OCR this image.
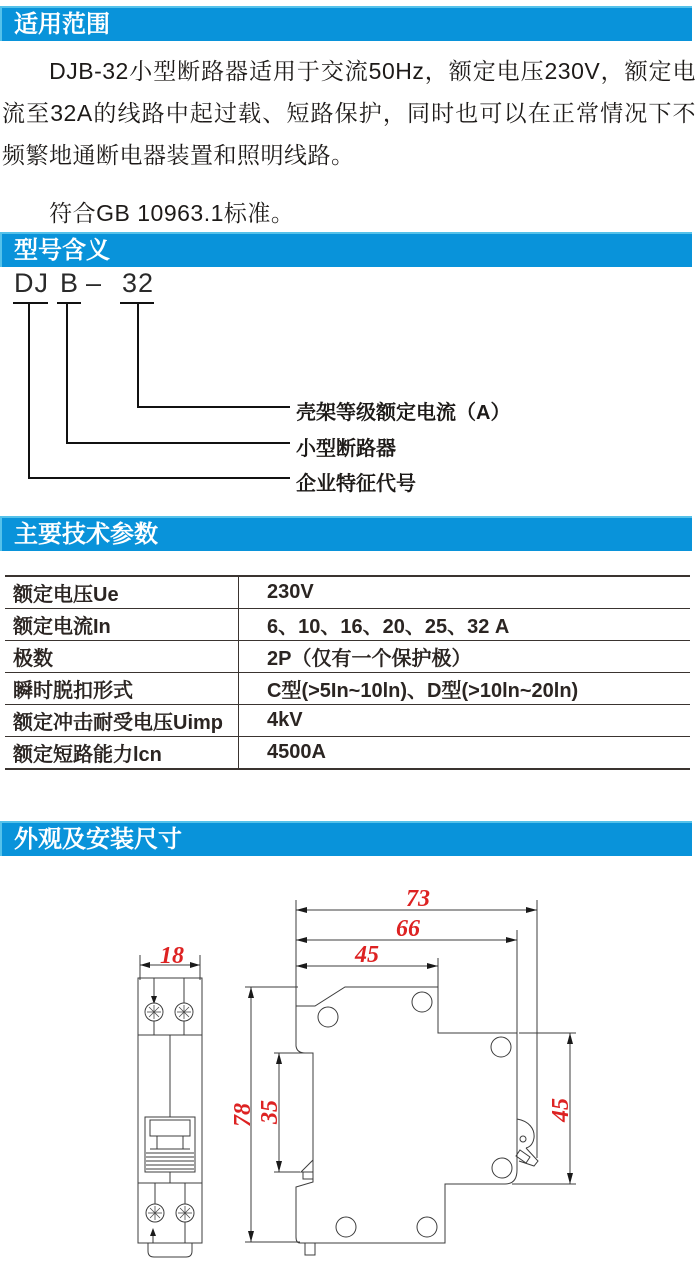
适用范围
DJB-32小型断路器适用于交流50Hz，额定电压230V，额定电流至32A的线路中起过载、短路保护，同时也可以在正常情况下不频繁地通断电器装置和照明线路。
符合GB 10963.1标准。
型号含义
DJ B – 32
壳架等级额定电流（A）
小型断路器
企业特征代号
主要技术参数
额定电压Ue	230V
额定电流In	6、10、16、20、25、32 A
极数	2P（仅有一个保护极）
瞬时脱扣形式	C型(>5In~10ln)、D型(>10ln~20ln)
额定冲击耐受电压Uimp	4kV
额定短路能力lcn	4500A
外观及安装尺寸
18
73
66
45
78 35	45
